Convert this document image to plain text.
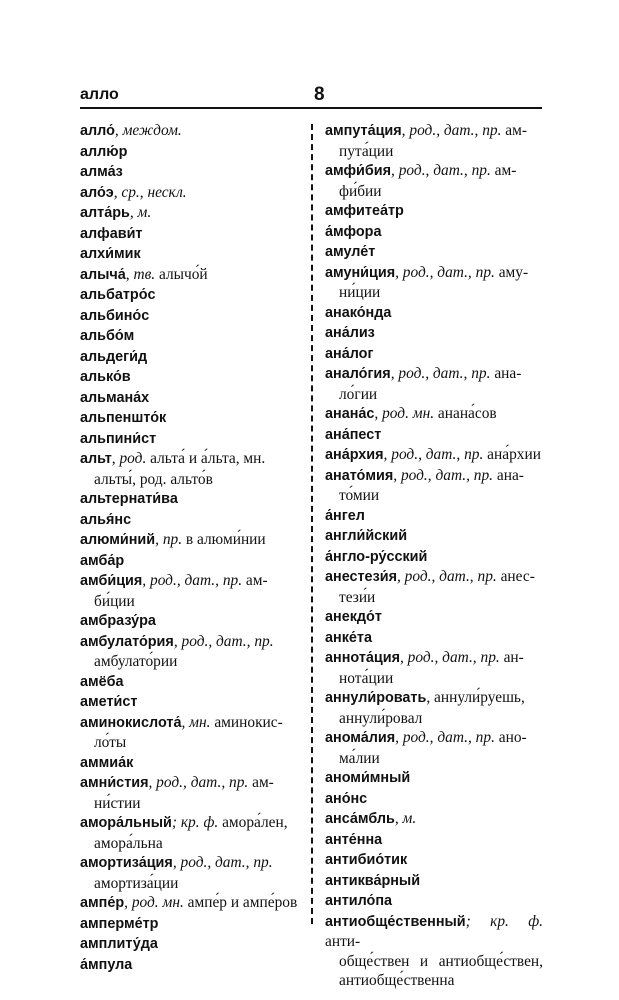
алло	8

алло́, междом.

аллю́р

алма́з

ало́э, ср., нескл.

алта́рь, м.

алфави́т

алхи́мик

алыча́, тв. алычо́й

альбатро́с

альбино́с

альбо́м

альдеги́д

алько́в

альмана́х

альпеншто́к

альпини́ст

альт, род. альта́ и а́льта, мн.
альты́, род. альто́в

альтернати́ва

алья́нс

алюми́ний, пр. в алюми́нии

амба́р

амби́ция, род., дат., пр. ам-
би́ции

амбразу́ра

амбулато́рия, род., дат., пр.
амбулато́рии

амёба

амети́ст

аминокислота́, мн. аминокис-
ло́ты

аммиа́к

амни́стия, род., дат., пр. ам-
ни́стии

амора́льный; кр. ф. амора́лен,
амора́льна

амортиза́ция, род., дат., пр.
амортиза́ции

ампе́р, род. мн. ампе́р и ампе́ров

амперме́тр

амплиту́да

а́мпула

ампута́ция, род., дат., пр. ам-
пута́ции

амфи́бия, род., дат., пр. ам-
фи́бии

амфитеа́тр

а́мфора

амуле́т

амуни́ция, род., дат., пр. аму-
ни́ции

анако́нда

ана́лиз

ана́лог

анало́гия, род., дат., пр. ана-
ло́гии

анана́с, род. мн. анана́сов

ана́пест

ана́рхия, род., дат., пр. ана́рхии

анато́мия, род., дат., пр. ана-
то́мии

а́нгел

англи́йский

а́нгло-ру́сский

анестези́я, род., дат., пр. анес-
тези́и

анекдо́т

анке́та

аннота́ция, род., дат., пр. ан-
нота́ции

аннули́ровать, аннули́руешь,
аннули́ровал

анома́лия, род., дат., пр. ано-
ма́лии

аноми́мный

ано́нс

анса́мбль, м.

анте́нна

антибио́тик

антиква́рный

антило́па

антиобще́ственный; кр. ф. анти-
обще́ствен и антиобще́ствен, антиобще́ственна
